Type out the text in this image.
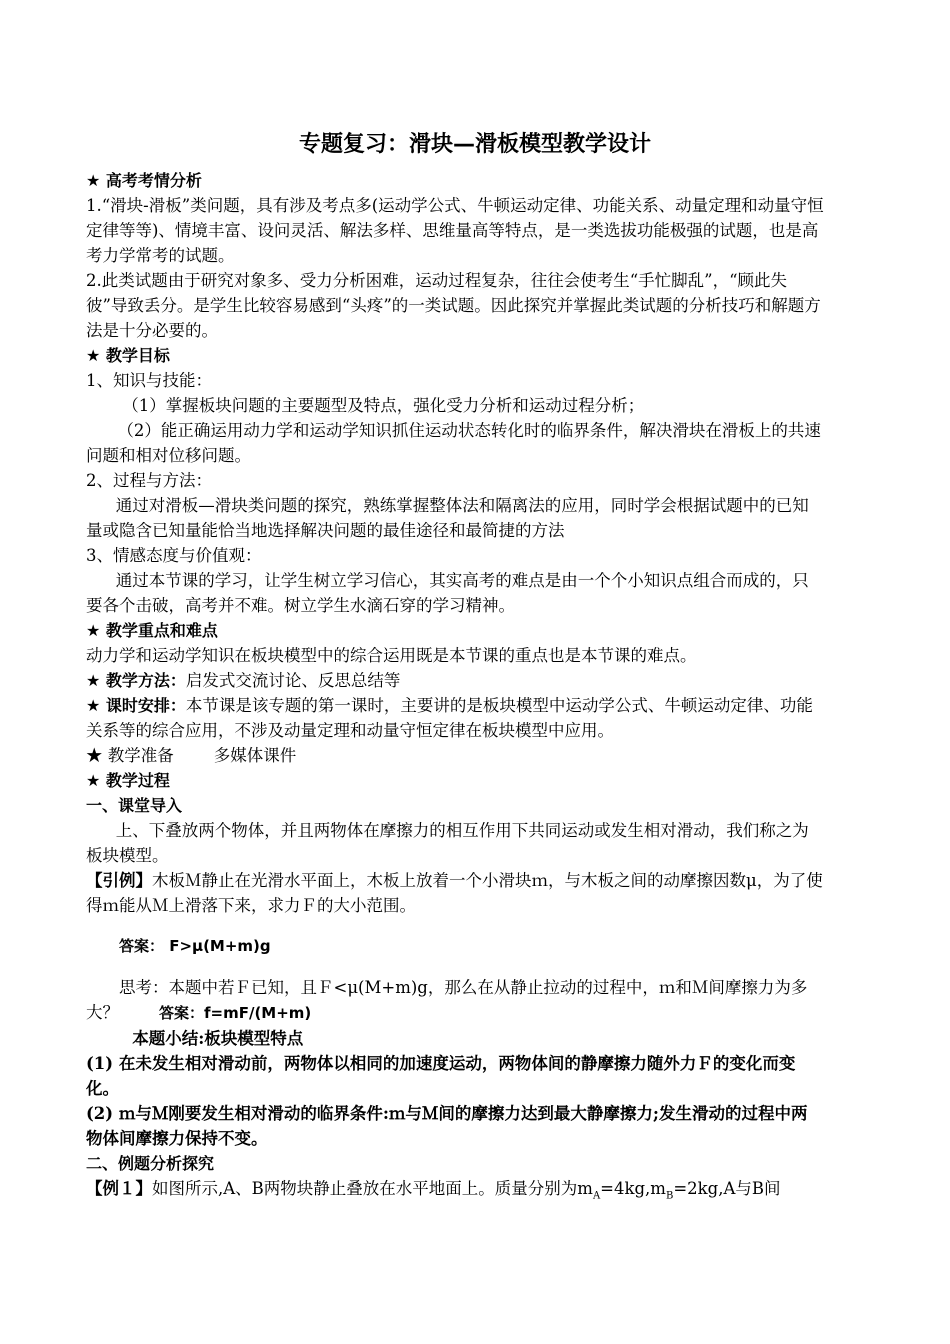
专题复习：滑块—滑板模型教学设计

★ 高考考情分析

1.“滑块-滑板”类问题，具有涉及考点多(运动学公式、牛顿运动定律、功能关系、动量定理和动量守恒定律等等)、情境丰富、设问灵活、解法多样、思维量高等特点，是一类选拔功能极强的试题，也是高考力学常考的试题。

2.此类试题由于研究对象多、受力分析困难，运动过程复杂，往往会使考生“手忙脚乱”，“顾此失彼”导致丢分。是学生比较容易感到“头疼”的一类试题。因此探究并掌握此类试题的分析技巧和解题方法是十分必要的。

★ 教学目标

1、知识与技能：

（1）掌握板块问题的主要题型及特点，强化受力分析和运动过程分析；

（2）能正确运用动力学和运动学知识抓住运动状态转化时的临界条件，解决滑块在滑板上的共速问题和相对位移问题。

2、过程与方法：

通过对滑板—滑块类问题的探究，熟练掌握整体法和隔离法的应用，同时学会根据试题中的已知量或隐含已知量能恰当地选择解决问题的最佳途径和最简捷的方法

3、情感态度与价值观：

通过本节课的学习，让学生树立学习信心，其实高考的难点是由一个个小知识点组合而成的，只要各个击破，高考并不难。树立学生水滴石穿的学习精神。

★ 教学重点和难点

动力学和运动学知识在板块模型中的综合运用既是本节课的重点也是本节课的难点。

★ 教学方法：启发式交流讨论、反思总结等

★ 课时安排：本节课是该专题的第一课时，主要讲的是板块模型中运动学公式、牛顿运动定律、功能关系等的综合应用，不涉及动量定理和动量守恒定律在板块模型中应用。

★ 教学准备 多媒体课件

★ 教学过程

一、课堂导入

上、下叠放两个物体，并且两物体在摩擦力的相互作用下共同运动或发生相对滑动，我们称之为板块模型。

【引例】木板Ｍ静止在光滑水平面上，木板上放着一个小滑块ｍ，与木板之间的动摩擦因数μ，为了使得ｍ能从Ｍ上滑落下来，求力Ｆ的大小范围。

答案： F>μ(M+m)g

思考：本题中若Ｆ已知，且Ｆ<μ(M+m)g，那么在从静止拉动的过程中，ｍ和Ｍ间摩擦力为多大？	答案：f=mF/(M+m)

本题小结:板块模型特点

(1) 在未发生相对滑动前，两物体以相同的加速度运动，两物体间的静摩擦力随外力Ｆ的变化而变化。

(2) ｍ与Ｍ刚要发生相对滑动的临界条件:ｍ与Ｍ间的摩擦力达到最大静摩擦力;发生滑动的过程中两物体间摩擦力保持不变。

二、例题分析探究

【例１】如图所示,A、B两物块静止叠放在水平地面上。质量分别为$m_A=4kg,m_B=2kg,A$与B间
